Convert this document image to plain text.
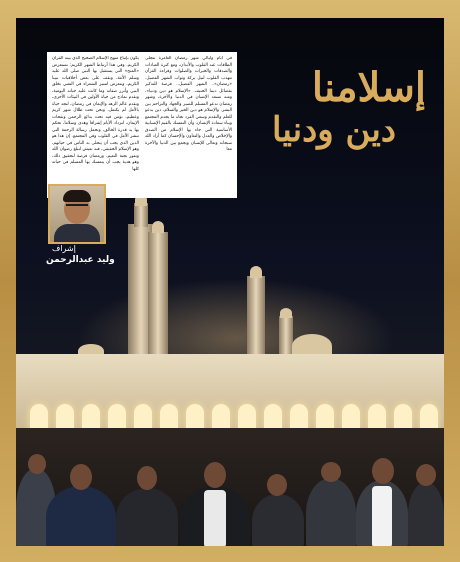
في أيام وليالي شهر رمضان العامرة تتجلى الطاقات عند القلوب والأبدان، ومع كثرة العبادات والصدقات والخيرات والصلوات وقراءة القرآن تتهذب القلوب لنيل بركة وثواب الشهر الفضيل. «رمضان».. الشهر الفضيل.. فرصة للتذكير بفضائل ديننا الحنيف. «الإسلام هو دين ودنيا»، ومنه تسعد الإنسان في الدنيا والآخرة، وشهر رمضان تدعو المسلم للصبر والجهاد والتراحم بين البشر. والإسلام هو دين الخير والسلام، دين يدعو للعلم والتقدم وسعي الفرد تجاه ما يخدم المجتمع وبناء سعادة الإنسان، وأن التمسك بالقيم الإنسانية الأساسية التي جاء بها الإسلام من الصدق والإخلاص والعدل والتعاون والإحسان كما أراد الله سبحانه وتعالى للإنسان ويجمع بين الدنيا والآخرة معا
يكون بإتباع منهج الإسلام الصحيح الذي بينه القرآن الكريم. وفي هذا أرتباط الشهر الكريم: نستعرض «المنح» التي يستقبل بها النبي صلى الله عليه وسلم الأمة، ونقف على بعض أخلاقيات نبينا الكريم، ونتعرض لسير الشعراء في التغني بخلق النبي وأبرز صفاته وما كانت عليه حياته اليومية، ونقدم نماذج من حياة الأولين في البيئات الأخرى، ونقدم عالم الزهد والإيمان في رمضان، لنجد حياة بالأمل لم يكتمل، ونحن تحت ظلال شهر كريم وعظيم، نؤمن فيه تحت بدائع الرحمن ونفحات الإيمان، لتزداد الأيام إشراقا وهدى وسلاما، تحكم بها يد قدرة الخالق، وتحمل رسالة الرحمة التي تنشر الأمل في القلوب وفي المجتمع. إن هذا هو الدين الذي يجب أن يتحلى به الناس في حياتهم، وهو الإسلام الحقيقي، فبه نعيش لنبلغ رضوان الله ونفوز بجنة النعيم، ورمضان فرصة لتحقيق ذلك، وهو هدية يجب أن يتمسك بها المسلم في حياته كلها
إسلامنا
دين ودنيا
إشراف
وليد عبدالرحمن
